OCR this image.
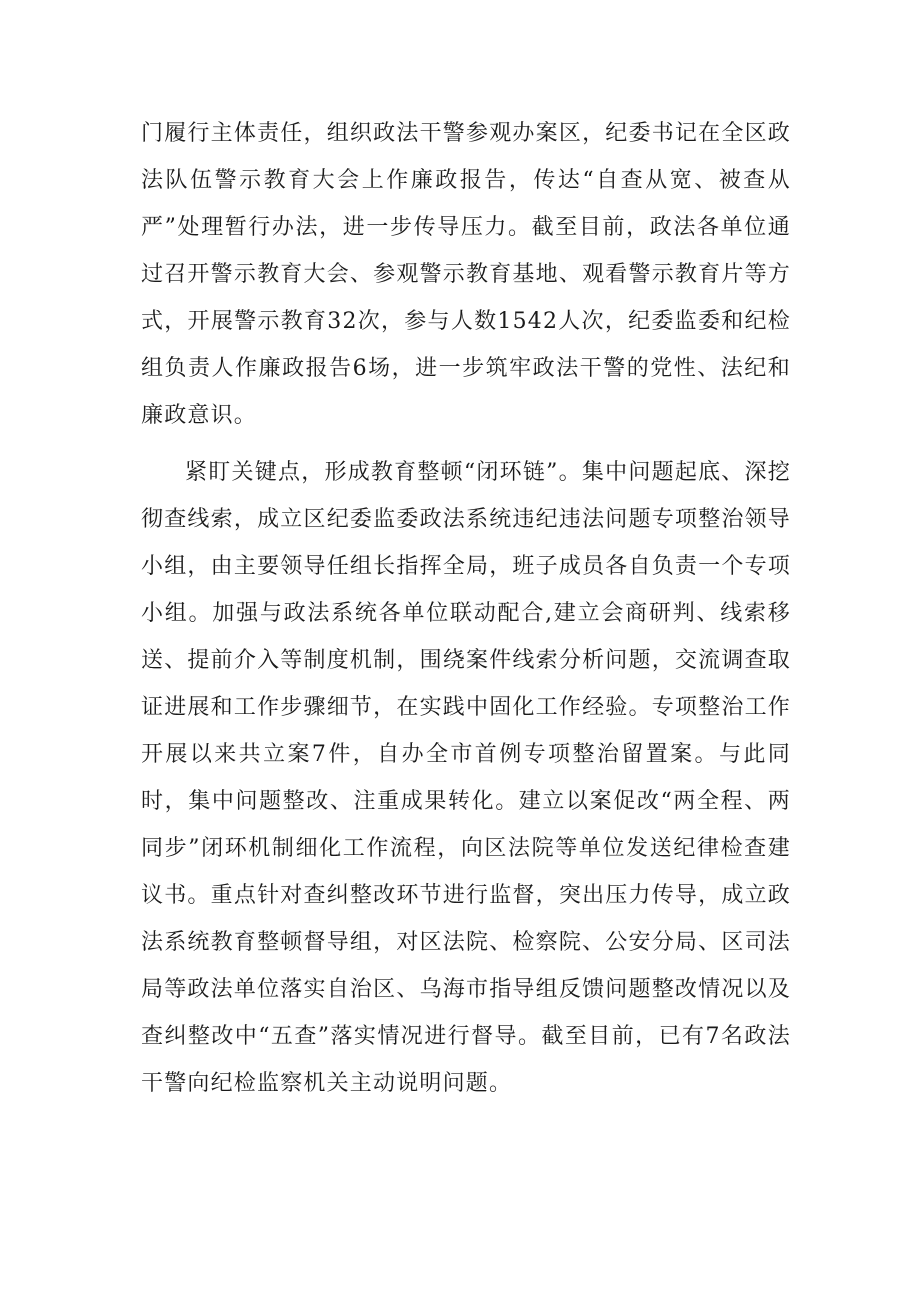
门履行主体责任，组织政法干警参观办案区，纪委书记在全区政法队伍警示教育大会上作廉政报告，传达“自查从宽、被查从严”处理暂行办法，进一步传导压力。截至目前，政法各单位通过召开警示教育大会、参观警示教育基地、观看警示教育片等方式，开展警示教育32次，参与人数1542人次，纪委监委和纪检组负责人作廉政报告6场，进一步筑牢政法干警的党性、法纪和廉政意识。

紧盯关键点，形成教育整顿“闭环链”。集中问题起底、深挖彻查线索，成立区纪委监委政法系统违纪违法问题专项整治领导小组，由主要领导任组长指挥全局，班子成员各自负责一个专项小组。加强与政法系统各单位联动配合,建立会商研判、线索移送、提前介入等制度机制，围绕案件线索分析问题，交流调查取证进展和工作步骤细节，在实践中固化工作经验。专项整治工作开展以来共立案7件，自办全市首例专项整治留置案。与此同时，集中问题整改、注重成果转化。建立以案促改“两全程、两同步”闭环机制细化工作流程，向区法院等单位发送纪律检查建议书。重点针对查纠整改环节进行监督，突出压力传导，成立政法系统教育整顿督导组，对区法院、检察院、公安分局、区司法局等政法单位落实自治区、乌海市指导组反馈问题整改情况以及查纠整改中“五查”落实情况进行督导。截至目前，已有7名政法干警向纪检监察机关主动说明问题。
